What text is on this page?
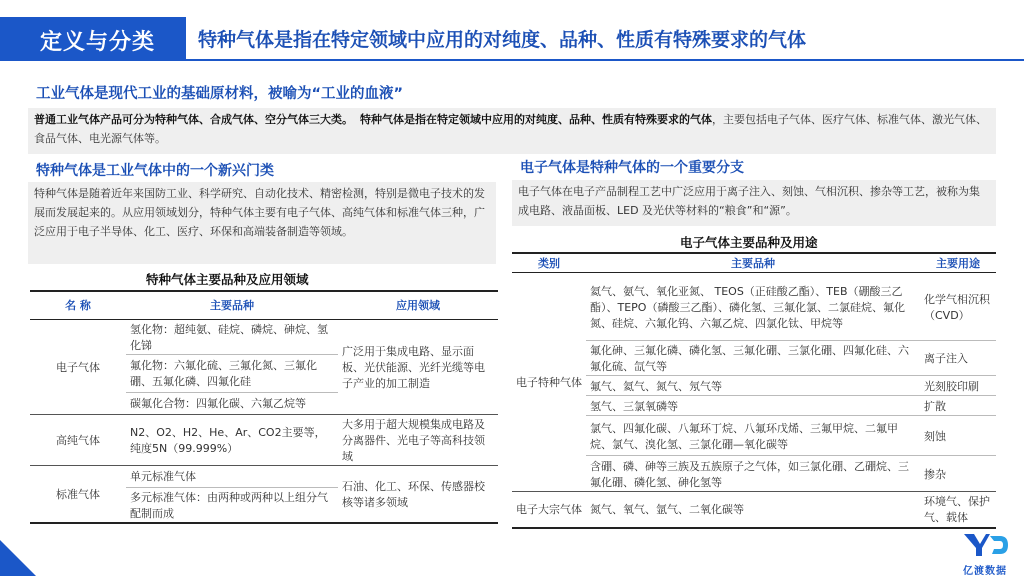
定义与分类 特种气体是指在特定领域中应用的对纯度、品种、性质有特殊要求的气体
工业气体是现代工业的基础原材料，被喻为“工业的血液”
普通工业气体产品可分为特种气体、合成气体、空分气体三大类。 特种气体是指在特定领域中应用的对纯度、品种、性质有特殊要求的气体，主要包括电子气体、医疗气体、标准气体、激光气体、食品气体、电光源气体等。
特种气体是工业气体中的一个新兴门类
特种气体是随着近年来国防工业、科学研究、自动化技术、精密检测，特别是微电子技术的发展而发展起来的。从应用领域划分，特种气体主要有电子气体、高纯气体和标准气体三种，广泛应用于电子半导体、化工、医疗、环保和高端装备制造等领域。
特种气体主要品种及应用领域
名 称	主要品种	应用领域
电子气体	氢化物：超纯氨、硅烷、磷烷、砷烷、氢化锑	广泛用于集成电路、显示面板、光伏能源、光纤光缆等电子产业的加工制造
	氟化物：六氟化硫、三氟化氮、三氟化硼、五氟化磷、四氟化硅	
	碳氟化合物：四氟化碳、六氟乙烷等	
高纯气体	N2、O2、H2、He、Ar、CO2主要等，纯度5N（99.999%）	大多用于超大规模集成电路及分离器件、光电子等高科技领域
标准气体	单元标准气体	石油、化工、环保、传感器校核等诸多领域
	多元标准气体：由两种或两种以上组分气配制而成	
电子气体是特种气体的一个重要分支
电子气体在电子产品制程工艺中广泛应用于离子注入、刻蚀、气相沉积、掺杂等工艺，被称为集成电路、液晶面板、LED 及光伏等材料的“粮食”和“源”。
电子气体主要品种及用途
类别	主要品种	主要用途
电子特种气体	氦气、氨气、氧化亚氮、 TEOS（正硅酸乙酯）、TEB（硼酸三乙酯）、TEPO（磷酸三乙酯）、磷化氢、三氟化氯、二氯硅烷、氟化氮、硅烷、六氟化钨、六氟乙烷、四氯化钛、甲烷等	化学气相沉积（CVD）
	氟化砷、三氟化磷、磷化氢、三氟化硼、三氯化硼、四氟化硅、六氟化硫、氙气等	离子注入
	氟气、氦气、氮气、氖气等	光刻胶印刷
	氢气、三氯氧磷等	扩散
	氯气、四氟化碳、八氟环丁烷、八氟环戊烯、三氟甲烷、二氟甲烷、氯气、溴化氢、三氯化硼—氧化碳等	刻蚀
	含硼、磷、砷等三族及五族原子之气体，如三氯化硼、乙硼烷、三氟化硼、磷化氢、砷化氢等	掺杂
电子大宗气体	氮气、氧气、氩气、二氧化碳等	环境气、保护气、载体
亿渡数据
